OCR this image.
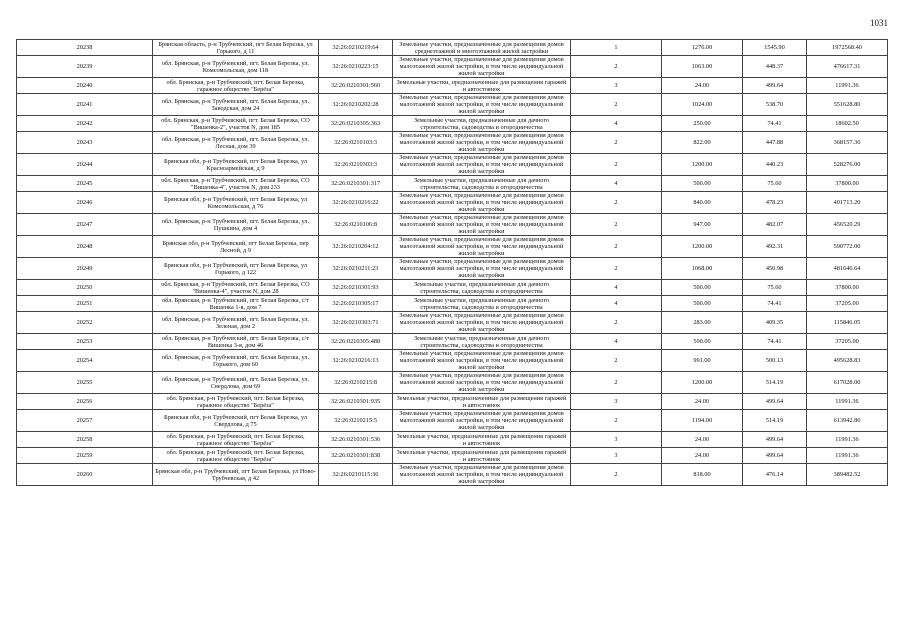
1031
20238	Брянская область, р-н Трубчевский, пгт Белая Березка, ул Горького, д 11	32:26:0210219:64	Земельные участки, предназначенные для размещения домов среднеэтажной и многоэтажной жилой застройки	1	1276.00	1545.90	1972568.40
20239	обл. Брянская, р-н Трубчевский, пгт. Белая Березка, ул. Комсомольская, дом 118	32:26:0210223:15	Земельные участки, предназначенные для размещения домов малоэтажной жилой застройки, в том числе индивидуальной жилой застройки	2	1063.00	448.37	476617.31
20240	обл. Брянская, р-н Трубчевский, пгт. Белая Березка, гаражное общество "Берёза"	32:26:0210301:560	Земельные участки, предназначенные для размещения гаражей и автостоянок	3	24.00	499.64	11991.36
20241	обл. Брянская, р-н Трубчевский, пгт. Белая Березка, ул. Заводская, дом 24	32:26:0210202:28	Земельные участки, предназначенные для размещения домов малоэтажной жилой застройки, в том числе индивидуальной жилой застройки	2	1024.00	538.70	551628.80
20242	обл. Брянская, р-н Трубчевский, пгт. Белая Березка, СО "Вишенка-2", участок N, дом 185	32:26:0210305:363	Земельные участки, предназначенные для дачного строительства, садоводства и огородничества	4	250.00	74.41	18602.50
20243	обл. Брянская, р-н Трубчевский, пгт. Белая Березка, ул. Лесная, дом 39	32:26:0210103:3	Земельные участки, предназначенные для размещения домов малоэтажной жилой застройки, в том числе индивидуальной жилой застройки	2	822.00	447.88	368157.36
20244	Брянская обл, р-н Трубчевский, пгт Белая Березка, ул Красноармейская, д 9	32:26:0210303:3	Земельные участки, предназначенные для размещения домов малоэтажной жилой застройки, в том числе индивидуальной жилой застройки	2	1200.00	440.23	528276.00
20245	обл. Брянская, р-н Трубчевский, пгт. Белая Березка, СО "Вишенка-4", участок N, дом 233	32:26:0210301:317	Земельные участки, предназначенные для дачного строительства, садоводства и огородничества	4	500.00	75.60	37800.00
20246	Брянская обл, р-н Трубчевский, пгт Белая Березка, ул Комсомольская, д 76	32:26:0210216:22	Земельные участки, предназначенные для размещения домов малоэтажной жилой застройки, в том числе индивидуальной жилой застройки	2	840.00	478.23	401713.20
20247	обл. Брянская, р-н Трубчевский, пгт. Белая Березка, ул. Пушкина, дом 4	32:26:0210106:8	Земельные участки, предназначенные для размещения домов малоэтажной жилой застройки, в том числе индивидуальной жилой застройки	2	947.00	482.07	456520.29
20248	Брянская обл, р-н Трубчевский, пгт Белая Березка, пер Лесной, д 9	32:26:0210204:12	Земельные участки, предназначенные для размещения домов малоэтажной жилой застройки, в том числе индивидуальной жилой застройки	2	1200.00	492.31	590772.00
20249	Брянская обл, р-н Трубчевский, пгт Белая Березка, ул Горького, д 122	32:26:0210211:23	Земельные участки, предназначенные для размещения домов малоэтажной жилой застройки, в том числе индивидуальной жилой застройки	2	1068.00	450.98	481646.64
20250	обл. Брянская, р-н Трубчевский, пгт. Белая Березка, СО "Вишенка-4", участок N, дом 28	32:26:0210301:93	Земельные участки, предназначенные для дачного строительства, садоводства и огородничества	4	500.00	75.60	37800.00
20251	обл. Брянская, р-н Трубчевский, пгт. Белая Березка, с/т Вишенка 1-я, дом 7	32:26:0210305:17	Земельные участки, предназначенные для дачного строительства, садоводства и огородничества	4	500.00	74.41	37205.00
20252	обл. Брянская, р-н Трубчевский, пгт. Белая Березка, ул. Зеленая, дом 2	32:26:0210303:71	Земельные участки, предназначенные для размещения домов малоэтажной жилой застройки, в том числе индивидуальной жилой застройки	2	283.00	409.35	115846.05
20253	обл. Брянская, р-н Трубчевский, пгт. Белая Березка, с/т Вишенка 3-я, дом 46	32:26:0210305:488	Земельные участки, предназначенные для дачного строительства, садоводства и огородничества	4	500.00	74.41	37205.00
20254	обл. Брянская, р-н Трубчевский, пгт. Белая Березка, ул. Горького, дом 60	32:26:0210216:13	Земельные участки, предназначенные для размещения домов малоэтажной жилой застройки, в том числе индивидуальной жилой застройки	2	991.00	500.13	495628.83
20255	обл. Брянская, р-н Трубчевский, пгт. Белая Березка, ул. Свердлова, дом 69	32:26:0210215:8	Земельные участки, предназначенные для размещения домов малоэтажной жилой застройки, в том числе индивидуальной жилой застройки	2	1200.00	514.19	617028.00
20256	обл. Брянская, р-н Трубчевский, пгт. Белая Березка, гаражное общество "Берёза"	32:26:0210301:935	Земельные участки, предназначенные для размещения гаражей и автостоянок	3	24.00	499.64	11991.36
20257	Брянская обл, р-н Трубчевский, пгт Белая Березка, ул Свердлова, д 75	32:26:0210215:5	Земельные участки, предназначенные для размещения домов малоэтажной жилой застройки, в том числе индивидуальной жилой застройки	2	1194.00	514.19	613942.86
20258	обл. Брянская, р-н Трубчевский, пгт. Белая Березка, гаражное общество "Берёза"	32:26:0210301:536	Земельные участки, предназначенные для размещения гаражей и автостоянок	3	24.00	499.64	11991.36
20259	обл. Брянская, р-н Трубчевский, пгт. Белая Березка, гаражное общество "Берёза"	32:26:0210301:838	Земельные участки, предназначенные для размещения гаражей и автостоянок	3	24.00	499.64	11991.36
20260	Брянская обл, р-н Трубчевский, пгт Белая Березка, ул Ново-Трубчевская, д 42	32:26:0210115:36	Земельные участки, предназначенные для размещения домов малоэтажной жилой застройки, в том числе индивидуальной жилой застройки	2	818.00	476.14	389482.52
